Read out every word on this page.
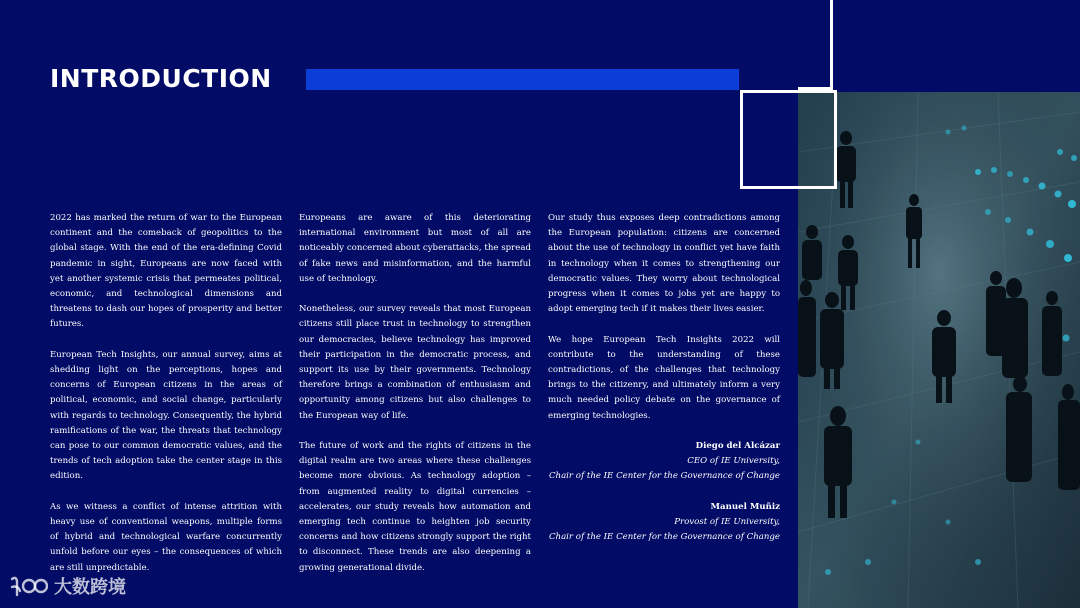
INTRODUCTION

2022 has marked the return of war to the European continent and the comeback of geopolitics to the global stage. With the end of the era-defining Covid pandemic in sight, Europeans are now faced with yet another systemic crisis that permeates political, economic, and technological dimensions and threatens to dash our hopes of prosperity and better futures.

European Tech Insights, our annual survey, aims at shedding light on the perceptions, hopes and concerns of European citizens in the areas of political, economic, and social change, particularly with regards to technology. Consequently, the hybrid ramifications of the war, the threats that technology can pose to our common democratic values, and the trends of tech adoption take the center stage in this edition.

As we witness a conflict of intense attrition with heavy use of conventional weapons, multiple forms of hybrid and technological warfare concurrently unfold before our eyes – the consequences of which are still unpredictable.

Europeans are aware of this deteriorating international environment but most of all are noticeably concerned about cyberattacks, the spread of fake news and misinformation, and the harmful use of technology.

Nonetheless, our survey reveals that most European citizens still place trust in technology to strengthen our democracies, believe technology has improved their participation in the democratic process, and support its use by their governments. Technology therefore brings a combination of enthusiasm and opportunity among citizens but also challenges to the European way of life.

The future of work and the rights of citizens in the digital realm are two areas where these challenges become more obvious. As technology adoption – from augmented reality to digital currencies – accelerates, our study reveals how automation and emerging tech continue to heighten job security concerns and how citizens strongly support the right to disconnect. These trends are also deepening a growing generational divide.

Our study thus exposes deep contradictions among the European population: citizens are concerned about the use of technology in conflict yet have faith in technology when it comes to strengthening our democratic values. They worry about technological progress when it comes to jobs yet are happy to adopt emerging tech if it makes their lives easier.

We hope European Tech Insights 2022 will contribute to the understanding of these contradictions, of the challenges that technology brings to the citizenry, and ultimately inform a very much needed policy debate on the governance of emerging technologies.

Diego del Alcázar
CEO of IE University,
Chair of the IE Center for the Governance of Change
Manuel Muñiz
Provost of IE University,
Chair of the IE Center for the Governance of Change
大数跨境
